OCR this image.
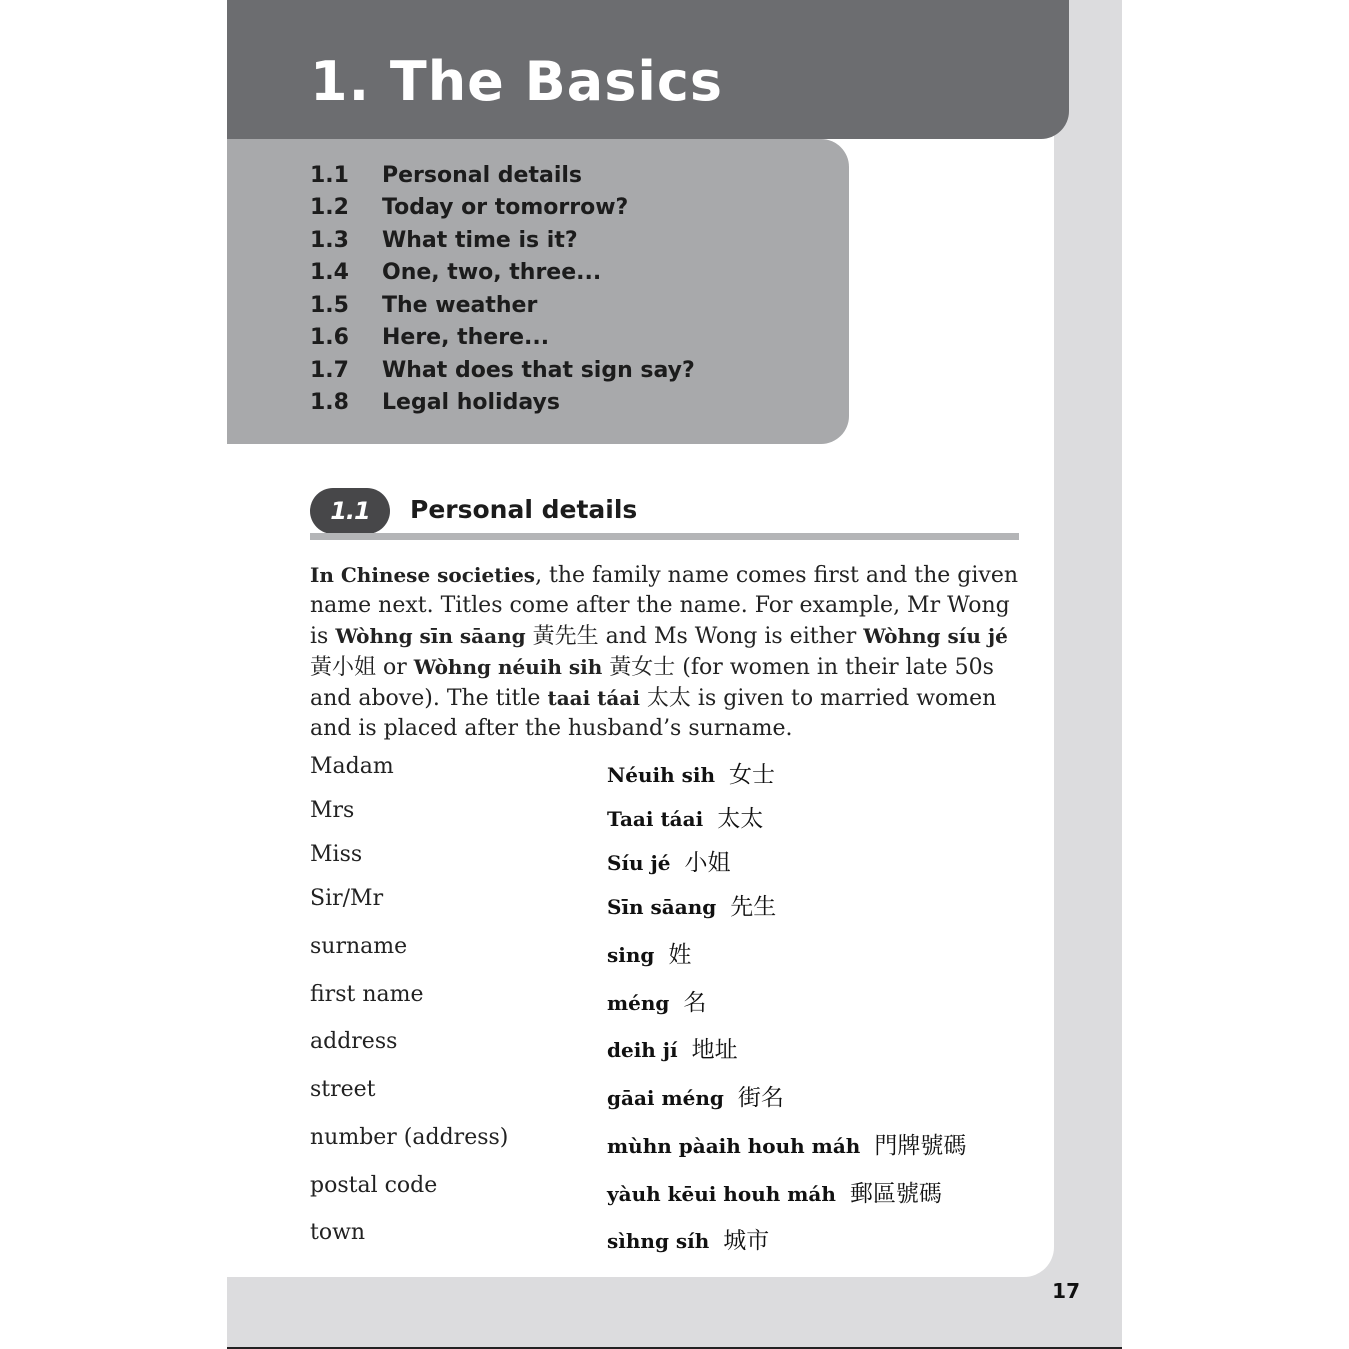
1. The Basics
1.1	Personal details
1.2	Today or tomorrow?
1.3	What time is it?
1.4	One, two, three...
1.5	The weather
1.6	Here, there...
1.7	What does that sign say?
1.8	Legal holidays
1.1	Personal details

In Chinese societies, the family name comes first and the given name next. Titles come after the name. For example, Mr Wong is Wòhng sīn sāang 黃先生 and Ms Wong is either Wòhng síu jé 黃小姐 or Wòhng néuih sih 黃女士 (for women in their late 50s and above). The title taai táai 太太 is given to married women and is placed after the husband’s surname.

Madam	Néuih sih 女士
Mrs	Taai táai 太太
Miss	Síu jé 小姐
Sir/Mr	Sīn sāang 先生
surname	sing 姓
first name	méng 名
address	deih jí 地址
street	gāai méng 街名
number (address)	mùhn pàaih houh máh 門牌號碼
postal code	yàuh kēui houh máh 郵區號碼
town	sìhng síh 城市
17
